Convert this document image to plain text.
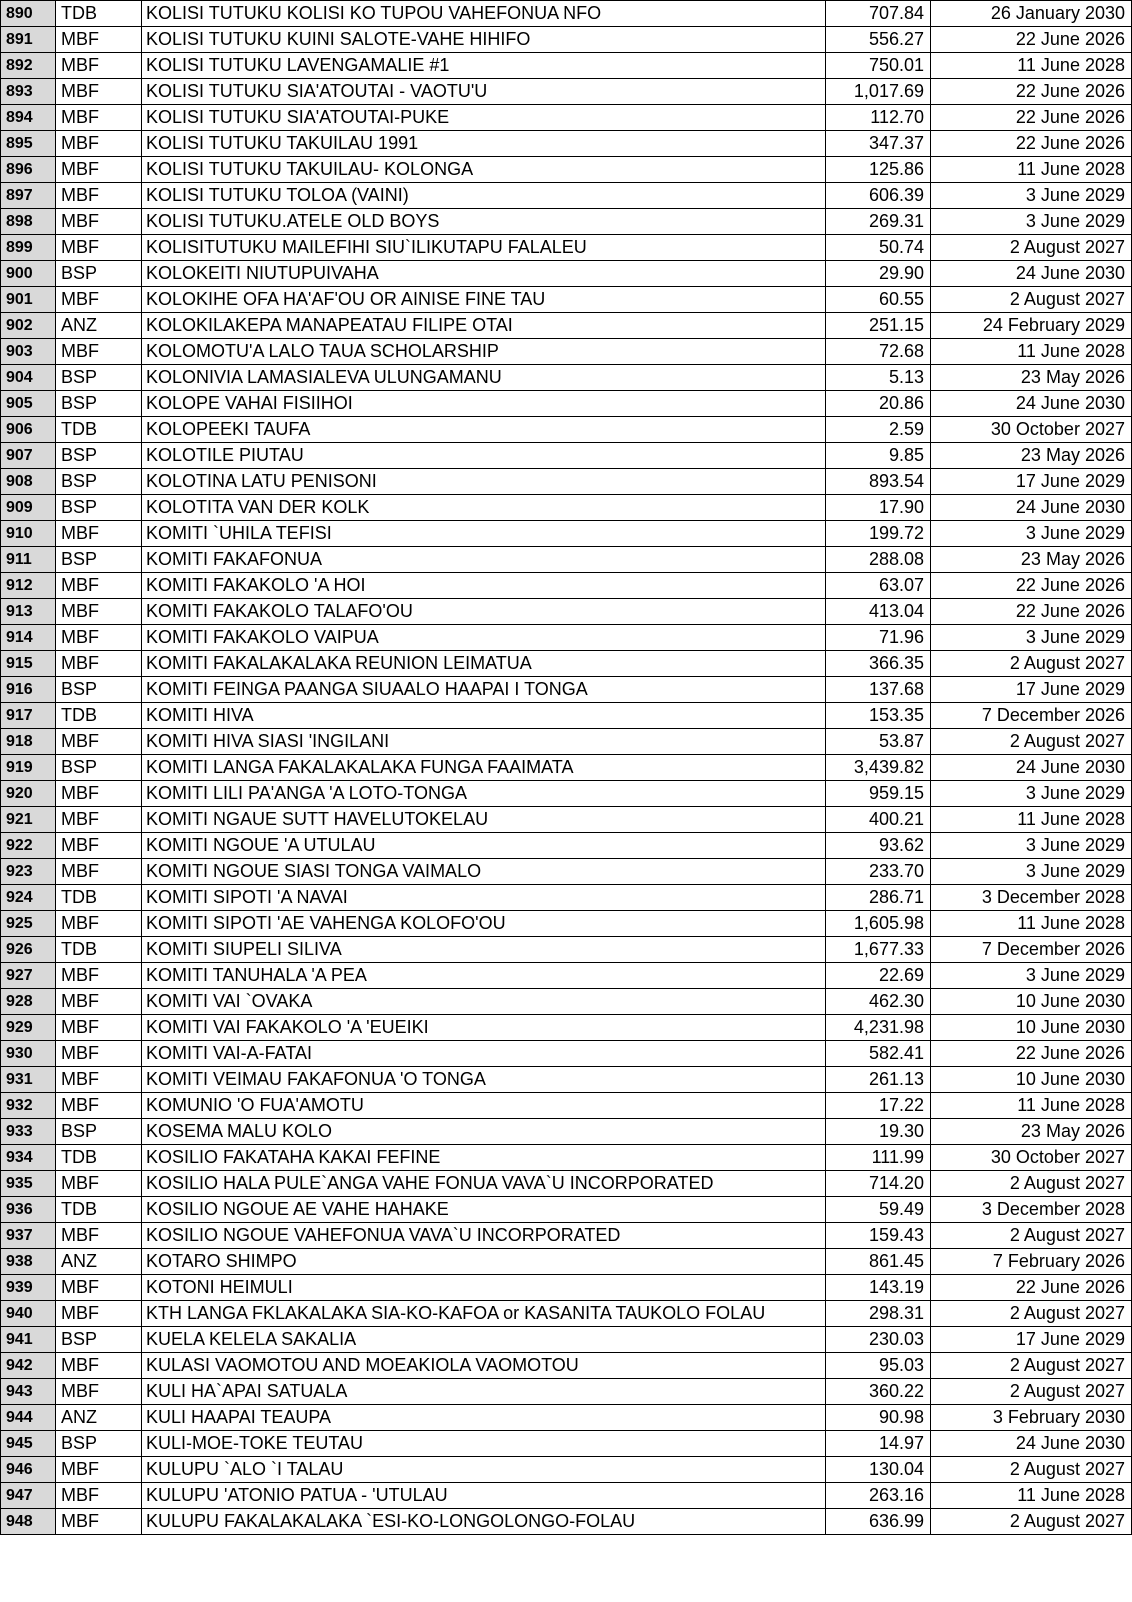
890	TDB	KOLISI TUTUKU KOLISI KO TUPOU VAHEFONUA NFO	707.84	26 January 2030
891	MBF	KOLISI TUTUKU KUINI SALOTE-VAHE HIHIFO	556.27	22 June 2026
892	MBF	KOLISI TUTUKU LAVENGAMALIE #1	750.01	11 June 2028
893	MBF	KOLISI TUTUKU SIA'ATOUTAI - VAOTU'U	1,017.69	22 June 2026
894	MBF	KOLISI TUTUKU SIA'ATOUTAI-PUKE	112.70	22 June 2026
895	MBF	KOLISI TUTUKU TAKUILAU 1991	347.37	22 June 2026
896	MBF	KOLISI TUTUKU TAKUILAU- KOLONGA	125.86	11 June 2028
897	MBF	KOLISI TUTUKU TOLOA (VAINI)	606.39	3 June 2029
898	MBF	KOLISI TUTUKU.ATELE OLD BOYS	269.31	3 June 2029
899	MBF	KOLISITUTUKU MAILEFIHI SIU`ILIKUTAPU FALALEU	50.74	2 August 2027
900	BSP	KOLOKEITI NIUTUPUIVAHA	29.90	24 June 2030
901	MBF	KOLOKIHE OFA HA'AF'OU OR AINISE FINE TAU	60.55	2 August 2027
902	ANZ	KOLOKILAKEPA MANAPEATAU FILIPE OTAI	251.15	24 February 2029
903	MBF	KOLOMOTU'A LALO TAUA SCHOLARSHIP	72.68	11 June 2028
904	BSP	KOLONIVIA LAMASIALEVA ULUNGAMANU	5.13	23 May 2026
905	BSP	KOLOPE VAHAI FISIIHOI	20.86	24 June 2030
906	TDB	KOLOPEEKI TAUFA	2.59	30 October 2027
907	BSP	KOLOTILE PIUTAU	9.85	23 May 2026
908	BSP	KOLOTINA LATU PENISONI	893.54	17 June 2029
909	BSP	KOLOTITA VAN DER KOLK	17.90	24 June 2030
910	MBF	KOMITI `UHILA TEFISI	199.72	3 June 2029
911	BSP	KOMITI FAKAFONUA	288.08	23 May 2026
912	MBF	KOMITI FAKAKOLO 'A HOI	63.07	22 June 2026
913	MBF	KOMITI FAKAKOLO TALAFO'OU	413.04	22 June 2026
914	MBF	KOMITI FAKAKOLO VAIPUA	71.96	3 June 2029
915	MBF	KOMITI FAKALAKALAKA REUNION LEIMATUA	366.35	2 August 2027
916	BSP	KOMITI FEINGA PAANGA SIUAALO HAAPAI I TONGA	137.68	17 June 2029
917	TDB	KOMITI HIVA	153.35	7 December 2026
918	MBF	KOMITI HIVA SIASI 'INGILANI	53.87	2 August 2027
919	BSP	KOMITI LANGA FAKALAKALAKA FUNGA FAAIMATA	3,439.82	24 June 2030
920	MBF	KOMITI LILI PA'ANGA 'A LOTO-TONGA	959.15	3 June 2029
921	MBF	KOMITI NGAUE SUTT HAVELUTOKELAU	400.21	11 June 2028
922	MBF	KOMITI NGOUE 'A UTULAU	93.62	3 June 2029
923	MBF	KOMITI NGOUE SIASI TONGA VAIMALO	233.70	3 June 2029
924	TDB	KOMITI SIPOTI 'A NAVAI	286.71	3 December 2028
925	MBF	KOMITI SIPOTI 'AE VAHENGA KOLOFO'OU	1,605.98	11 June 2028
926	TDB	KOMITI SIUPELI SILIVA	1,677.33	7 December 2026
927	MBF	KOMITI TANUHALA 'A PEA	22.69	3 June 2029
928	MBF	KOMITI VAI `OVAKA	462.30	10 June 2030
929	MBF	KOMITI VAI FAKAKOLO 'A 'EUEIKI	4,231.98	10 June 2030
930	MBF	KOMITI VAI-A-FATAI	582.41	22 June 2026
931	MBF	KOMITI VEIMAU FAKAFONUA 'O TONGA	261.13	10 June 2030
932	MBF	KOMUNIO 'O FUA'AMOTU	17.22	11 June 2028
933	BSP	KOSEMA MALU KOLO	19.30	23 May 2026
934	TDB	KOSILIO FAKATAHA KAKAI FEFINE	111.99	30 October 2027
935	MBF	KOSILIO HALA PULE`ANGA VAHE FONUA VAVA`U INCORPORATED	714.20	2 August 2027
936	TDB	KOSILIO NGOUE AE VAHE HAHAKE	59.49	3 December 2028
937	MBF	KOSILIO NGOUE VAHEFONUA VAVA`U INCORPORATED	159.43	2 August 2027
938	ANZ	KOTARO SHIMPO	861.45	7 February 2026
939	MBF	KOTONI HEIMULI	143.19	22 June 2026
940	MBF	KTH LANGA FKLAKALAKA SIA-KO-KAFOA or KASANITA TAUKOLO FOLAU	298.31	2 August 2027
941	BSP	KUELA KELELA SAKALIA	230.03	17 June 2029
942	MBF	KULASI VAOMOTOU AND MOEAKIOLA VAOMOTOU	95.03	2 August 2027
943	MBF	KULI HA`APAI SATUALA	360.22	2 August 2027
944	ANZ	KULI HAAPAI TEAUPA	90.98	3 February 2030
945	BSP	KULI-MOE-TOKE TEUTAU	14.97	24 June 2030
946	MBF	KULUPU `ALO `I TALAU	130.04	2 August 2027
947	MBF	KULUPU 'ATONIO PATUA - 'UTULAU	263.16	11 June 2028
948	MBF	KULUPU FAKALAKALAKA `ESI-KO-LONGOLONGO-FOLAU	636.99	2 August 2027
